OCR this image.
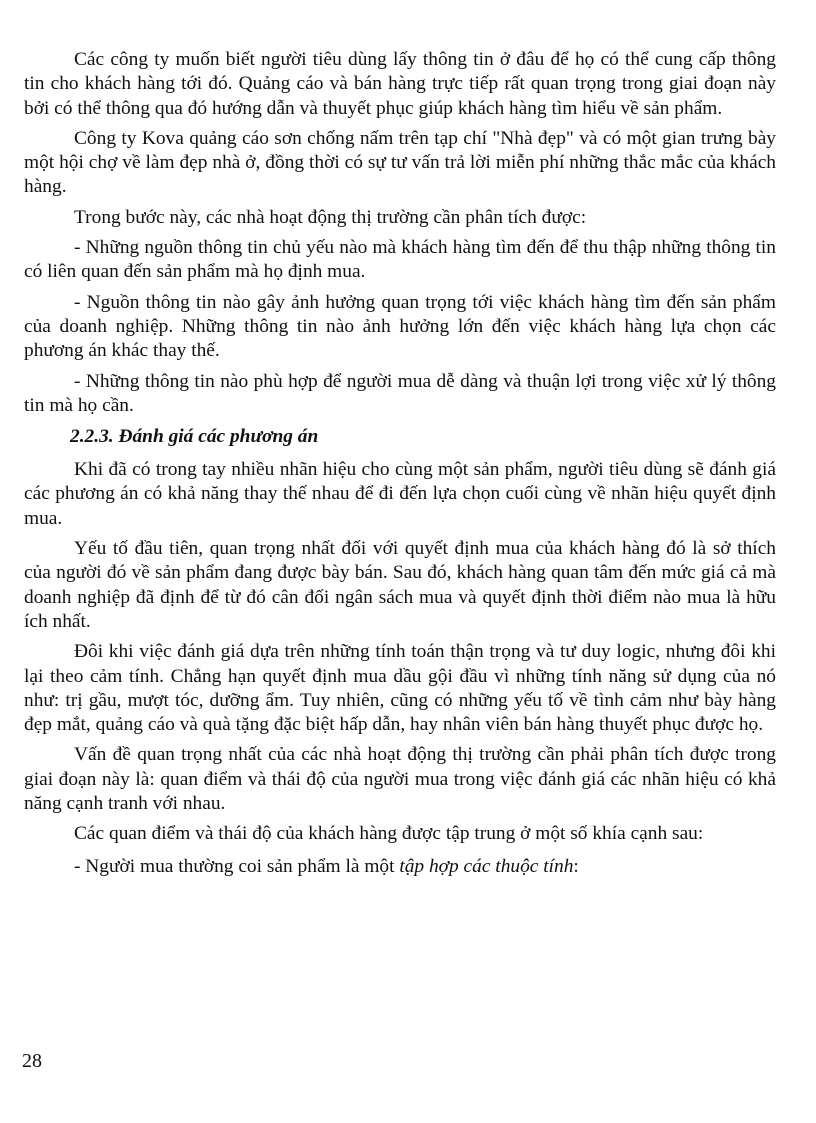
Các công ty muốn biết người tiêu dùng lấy thông tin ở đâu để họ có thể cung cấp thông tin cho khách hàng tới đó. Quảng cáo và bán hàng trực tiếp rất quan trọng trong giai đoạn này bởi có thể thông qua đó hướng dẫn và thuyết phục giúp khách hàng tìm hiểu về sản phẩm.

Công ty Kova quảng cáo sơn chống nấm trên tạp chí "Nhà đẹp" và có một gian trưng bày một hội chợ về làm đẹp nhà ở, đồng thời có sự tư vấn trả lời miễn phí những thắc mắc của khách hàng.

Trong bước này, các nhà hoạt động thị trường cần phân tích được:

- Những nguồn thông tin chủ yếu nào mà khách hàng tìm đến để thu thập những thông tin có liên quan đến sản phẩm mà họ định mua.

- Nguồn thông tin nào gây ảnh hưởng quan trọng tới việc khách hàng tìm đến sản phẩm của doanh nghiệp. Những thông tin nào ảnh hưởng lớn đến việc khách hàng lựa chọn các phương án khác thay thế.

- Những thông tin nào phù hợp để người mua dễ dàng và thuận lợi trong việc xử lý thông tin mà họ cần.

2.2.3. Đánh giá các phương án

Khi đã có trong tay nhiều nhãn hiệu cho cùng một sản phẩm, người tiêu dùng sẽ đánh giá các phương án có khả năng thay thế nhau để đi đến lựa chọn cuối cùng về nhãn hiệu quyết định mua.

Yếu tố đầu tiên, quan trọng nhất đối với quyết định mua của khách hàng đó là sở thích của người đó về sản phẩm đang được bày bán. Sau đó, khách hàng quan tâm đến mức giá cả mà doanh nghiệp đã định để từ đó cân đối ngân sách mua và quyết định thời điểm nào mua là hữu ích nhất.

Đôi khi việc đánh giá dựa trên những tính toán thận trọng và tư duy logic, nhưng đôi khi lại theo cảm tính. Chẳng hạn quyết định mua dầu gội đầu vì những tính năng sử dụng của nó như: trị gầu, mượt tóc, dưỡng ẩm. Tuy nhiên, cũng có những yếu tố về tình cảm như bày hàng đẹp mắt, quảng cáo và quà tặng đặc biệt hấp dẫn, hay nhân viên bán hàng thuyết phục được họ.

Vấn đề quan trọng nhất của các nhà hoạt động thị trường cần phải phân tích được trong giai đoạn này là: quan điểm và thái độ của người mua trong việc đánh giá các nhãn hiệu có khả năng cạnh tranh với nhau.

Các quan điểm và thái độ của khách hàng được tập trung ở một số khía cạnh sau:

- Người mua thường coi sản phẩm là một tập hợp các thuộc tính:

28
